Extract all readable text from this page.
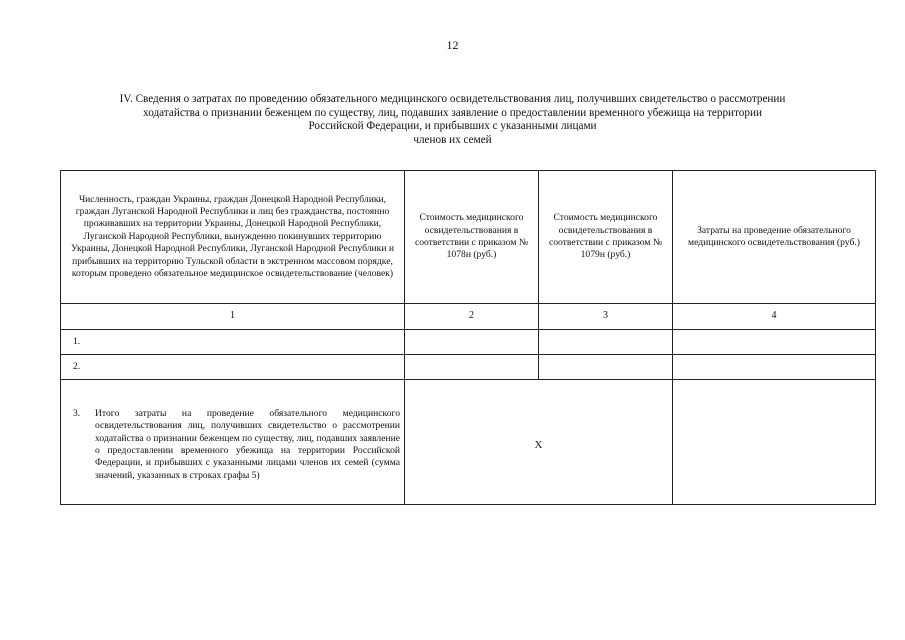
12
IV. Сведения о затратах по проведению обязательного медицинского освидетельствования лиц, получивших свидетельство о рассмотрении
ходатайства о признании беженцем по существу, лиц, подавших заявление о предоставлении временного убежища на территории
Российской Федерации, и прибывших с указанными лицами
членов их семей
Численность, граждан Украины, граждан Донецкой Народной Республики, граждан Луганской Народной Республики и лиц без гражданства, постоянно проживавших на территории Украины, Донецкой Народной Республики, Луганской Народной Республики, вынужденно покинувших территорию Украины, Донецкой Народной Республики, Луганской Народной Республики и прибывших на территорию Тульской области в экстренном массовом порядке, которым проведено обязательное медицинское освидетельствование (человек)	Стоимость медицинского освидетельствования в соответствии с приказом № 1078н (руб.)	Стоимость медицинского освидетельствования в соответствии с приказом № 1079н (руб.)	Затраты на проведение обязательного медицинского освидетельствования (руб.)

1	2	3	4
1.			
2.			

3. Итого затраты на проведение обязательного медицинского освидетельствования лиц, получивших свидетельство о рассмотрении ходатайства о признании беженцем по существу, лиц, подавших заявление о предоставлении временного убежища на территории Российской Федерации, и прибывших с указанными лицами членов их семей (сумма значений, указанных в строках графы 5)	X		
